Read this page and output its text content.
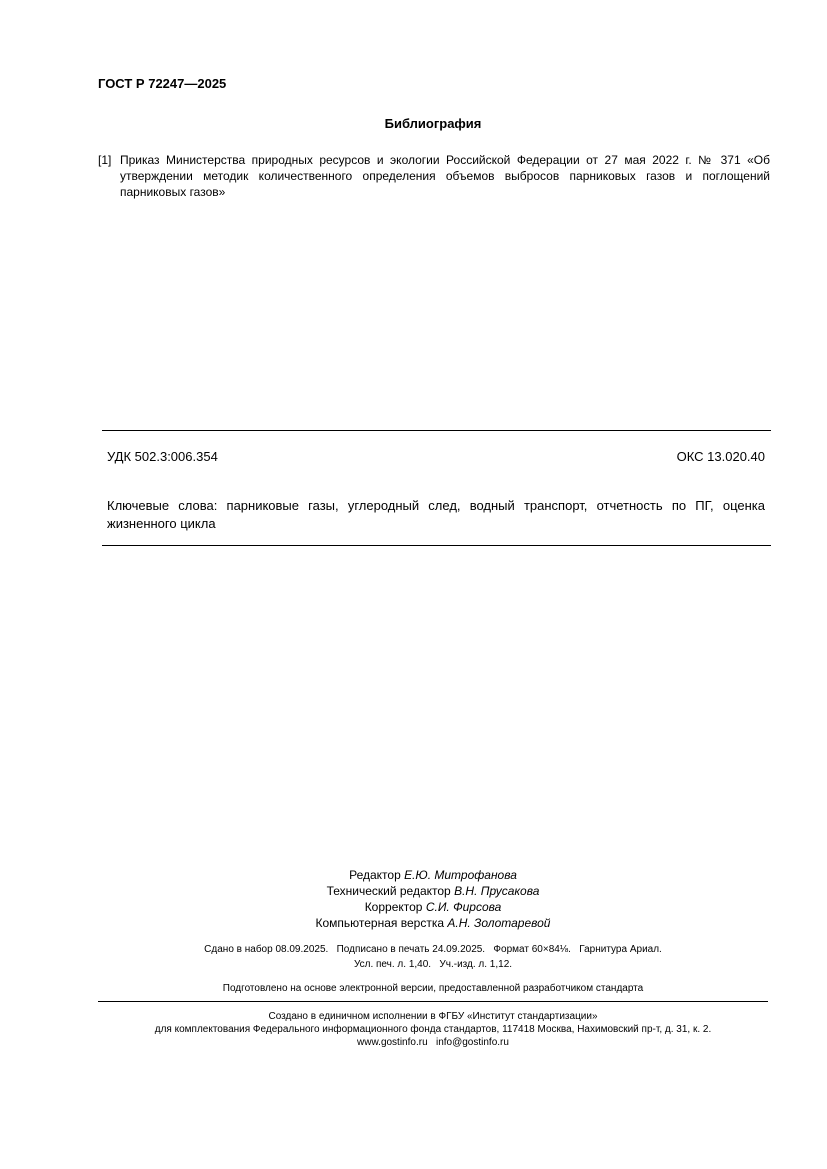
ГОСТ Р 72247—2025
Библиография
[1] Приказ Министерства природных ресурсов и экологии Российской Федерации от 27 мая 2022 г. № 371 «Об утверждении методик количественного определения объемов выбросов парниковых газов и поглощений парниковых газов»
УДК 502.3:006.354	ОКС 13.020.40
Ключевые слова: парниковые газы, углеродный след, водный транспорт, отчетность по ПГ, оценка жизненного цикла
Редактор Е.Ю. Митрофанова
Технический редактор В.Н. Прусакова
Корректор С.И. Фирсова
Компьютерная верстка А.Н. Золотаревой
Сдано в набор 08.09.2025.   Подписано в печать 24.09.2025.   Формат 60×84⅛.   Гарнитура Ариал.
Усл. печ. л. 1,40.   Уч.-изд. л. 1,12.
Подготовлено на основе электронной версии, предоставленной разработчиком стандарта
Создано в единичном исполнении в ФГБУ «Институт стандартизации»
для комплектования Федерального информационного фонда стандартов, 117418 Москва, Нахимовский пр-т, д. 31, к. 2.
www.gostinfo.ru   info@gostinfo.ru
